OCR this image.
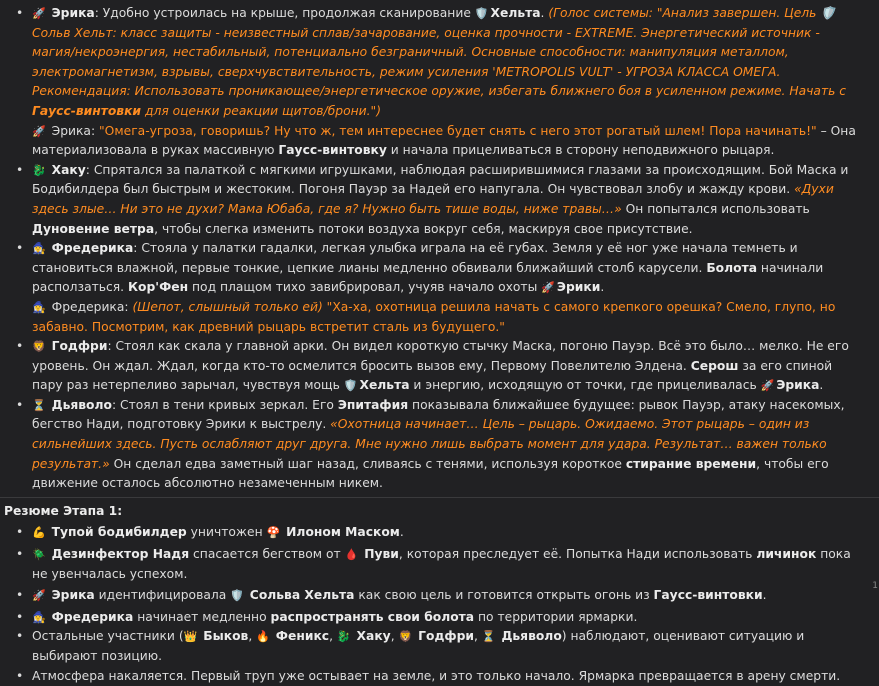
• 🚀 Эрика: Удобно устроилась на крыше, продолжая сканирование 🛡️ Хельта. (Голос системы: "Анализ завершен. Цель 🛡️ Сольв Хельт: класс защиты - неизвестный сплав/зачарование, оценка прочности - EXTREME. Энергетический источник - магия/некроэнергия, нестабильный, потенциально безграничный. Основные способности: манипуляция металлом, электромагнетизм, взрывы, сверхчувствительность, режим усиления 'METROPOLIS VULT' - УГРОЗА КЛАССА ОМЕГА. Рекомендация: Использовать проникающее/энергетическое оружие, избегать ближнего боя в усиленном режиме. Начать с Гаусс-винтовки для оценки реакции щитов/брони.")
🚀 Эрика: "Омега-угроза, говоришь? Ну что ж, тем интереснее будет снять с него этот рогатый шлем! Пора начинать!" – Она материализовала в руках массивную Гаусс-винтовку и начала прицеливаться в сторону неподвижного рыцаря.
• 🐉 Хаку: Спрятался за палаткой с мягкими игрушками, наблюдая расширившимися глазами за происходящим. Бой Маска и Бодибилдера был быстрым и жестоким. Погоня Пауэр за Надей его напугала. Он чувствовал злобу и жажду крови. «Духи здесь злые… Ни это не духи? Мама Юбаба, где я? Нужно быть тише воды, ниже травы…» Он попытался использовать Дуновение ветра, чтобы слегка изменить потоки воздуха вокруг себя, маскируя свое присутствие.
• 🧙‍♀️ Фредерика: Стояла у палатки гадалки, легкая улыбка играла на её губах. Земля у её ног уже начала темнеть и становиться влажной, первые тонкие, цепкие лианы медленно обвивали ближайший столб карусели. Болота начинали расползаться. Кор'Фен под плащом тихо завибрировал, учуяв начало охоты 🚀 Эрики.
🧙‍♀️ Фредерика: (Шепот, слышный только ей) "Ха-ха, охотница решила начать с самого крепкого орешка? Смело, глупо, но забавно. Посмотрим, как древний рыцарь встретит сталь из будущего."
• 🦁 Годфри: Стоял как скала у главной арки. Он видел короткую стычку Маска, погоню Пауэр. Всё это было… мелко. Не его уровень. Он ждал. Ждал, когда кто-то осмелится бросить вызов ему, Первому Повелителю Элдена. Серош за его спиной пару раз нетерпеливо зарычал, чувствуя мощь 🛡️ Хельта и энергию, исходящую от точки, где прицеливалась 🚀 Эрика.
• ⏳ Дьяволо: Стоял в тени кривых зеркал. Его Эпитафия показывала ближайшее будущее: рывок Пауэр, атаку насекомых, бегство Нади, подготовку Эрики к выстрелу. «Охотница начинает… Цель – рыцарь. Ожидаемо. Этот рыцарь – один из сильнейших здесь. Пусть ослабляют друг друга. Мне нужно лишь выбрать момент для удара. Результат… важен только результат.» Он сделал едва заметный шаг назад, сливаясь с тенями, используя короткое стирание времени, чтобы его движение осталось абсолютно незамеченным никем.
Резюме Этапа 1:
• 💪 Тупой бодибилдер уничтожен 🍄 Илоном Маском.
• 🪲 Дезинфектор Надя спасается бегством от 🩸 Пуви, которая преследует её. Попытка Нади использовать личинок пока не увенчалась успехом.
• 🚀 Эрика идентифицировала 🛡️ Сольва Хельта как свою цель и готовится открыть огонь из Гаусс-винтовки.
• 🧙‍♀️ Фредерика начинает медленно распространять свои болота по территории ярмарки.
• Остальные участники (👑 Быков, 🔥 Феникс, 🐉 Хаку, 🦁 Годфри, ⏳ Дьяволо) наблюдают, оценивают ситуацию и выбирают позицию.
• Атмосфера накаляется. Первый труп уже остывает на земле, и это только начало. Ярмарка превращается в арену смерти.
1
